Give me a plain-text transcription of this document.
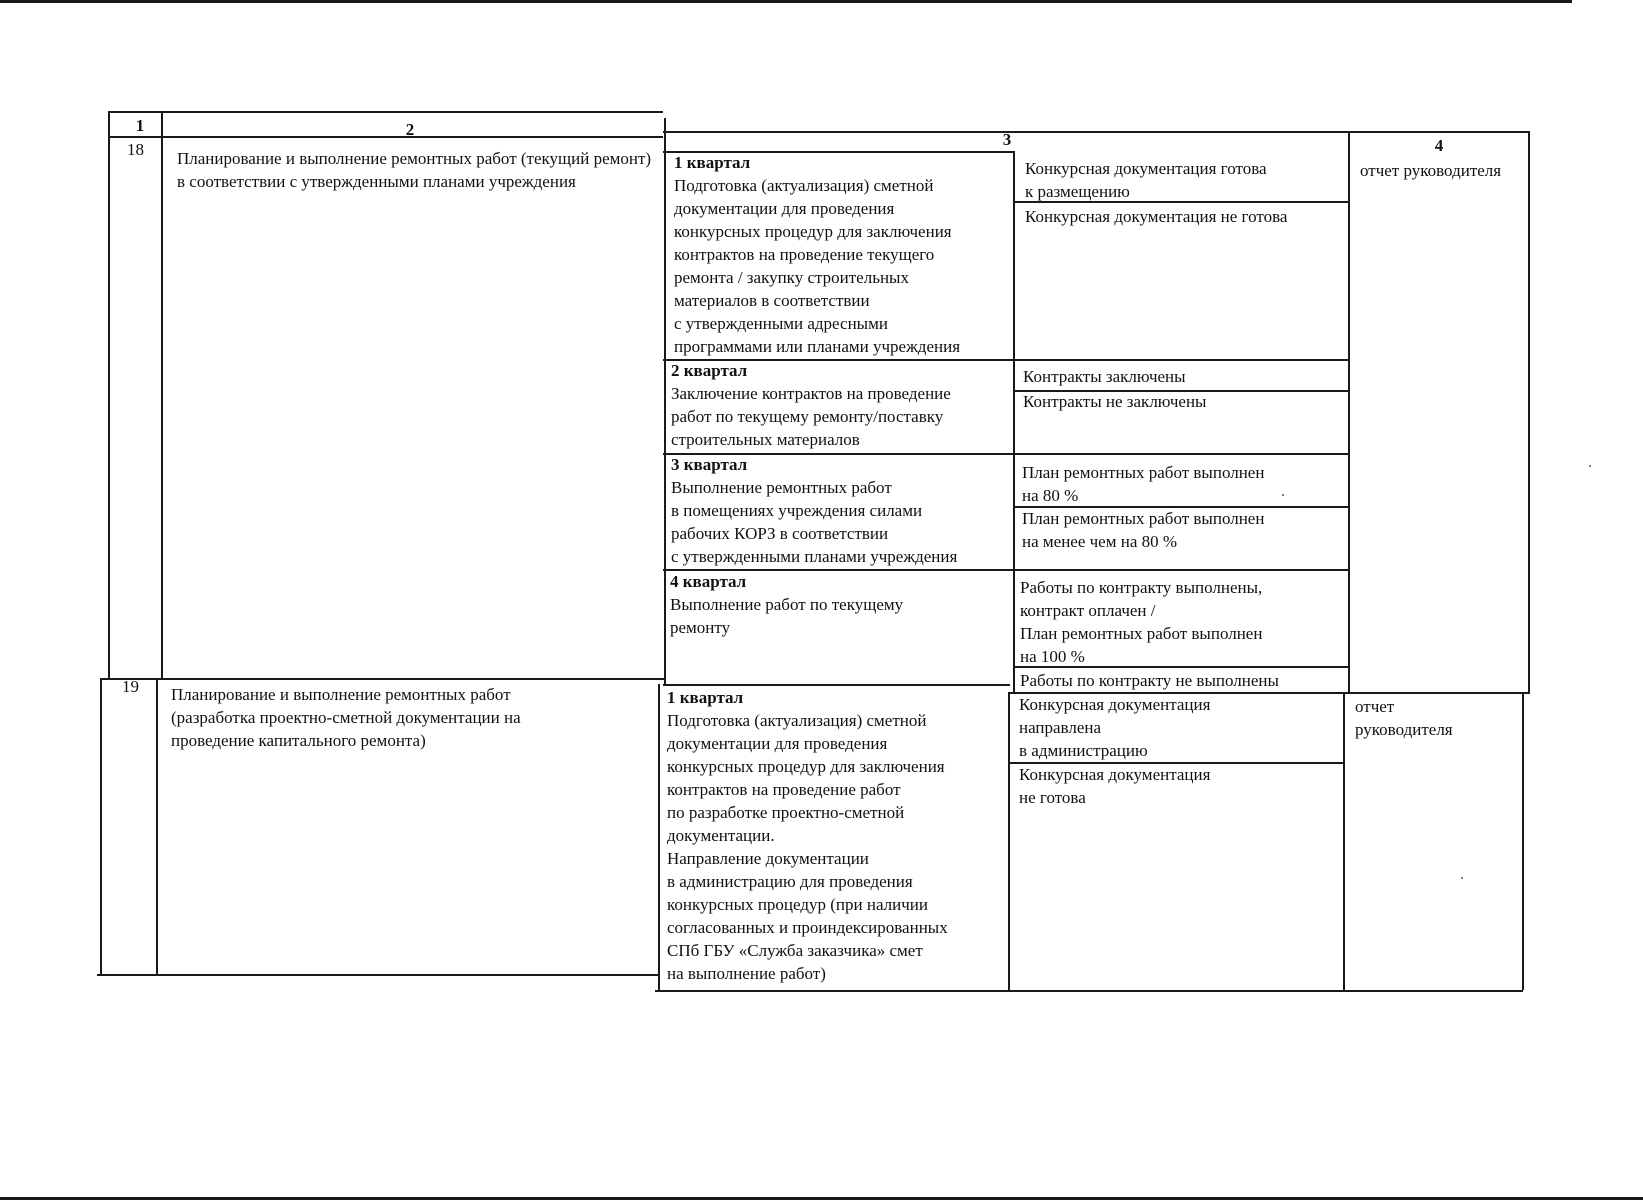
1	2
3	4
18 Планирование и выполнение ремонтных работ (текущий ремонт) в соответствии с утвержденными планами учреждения
1 квартал
Подготовка (актуализация) сметной
документации для проведения
конкурсных процедур для заключения
контрактов на проведение текущего
ремонта / закупку строительных
материалов в соответствии
с утвержденными адресными
программами или планами учреждения
Конкурсная документация готова
к размещению
Конкурсная документация не готова
2 квартал
Заключение контрактов на проведение
работ по текущему ремонту/поставку
строительных материалов
Контракты заключены
Контракты не заключены
3 квартал
Выполнение ремонтных работ
в помещениях учреждения силами
рабочих КОРЗ в соответствии
с утвержденными планами учреждения
План ремонтных работ выполнен
на 80 %
План ремонтных работ выполнен
на менее чем на 80 %
4 квартал
Выполнение работ по текущему
ремонту
Работы по контракту выполнены,
контракт оплачен /
План ремонтных работ выполнен
на 100 %
Работы по контракту не выполнены
отчет руководителя
19 Планирование и выполнение ремонтных работ
(разработка проектно-сметной документации на
проведение капитального ремонта)
1 квартал
Подготовка (актуализация) сметной
документации для проведения
конкурсных процедур для заключения
контрактов на проведение работ
по разработке проектно-сметной
документации.
Направление документации
в администрацию для проведения
конкурсных процедур (при наличии
согласованных и проиндексированных
СПб ГБУ «Служба заказчика» смет
на выполнение работ)
Конкурсная документация
направлена
в администрацию
Конкурсная документация
не готова
отчет
руководителя
